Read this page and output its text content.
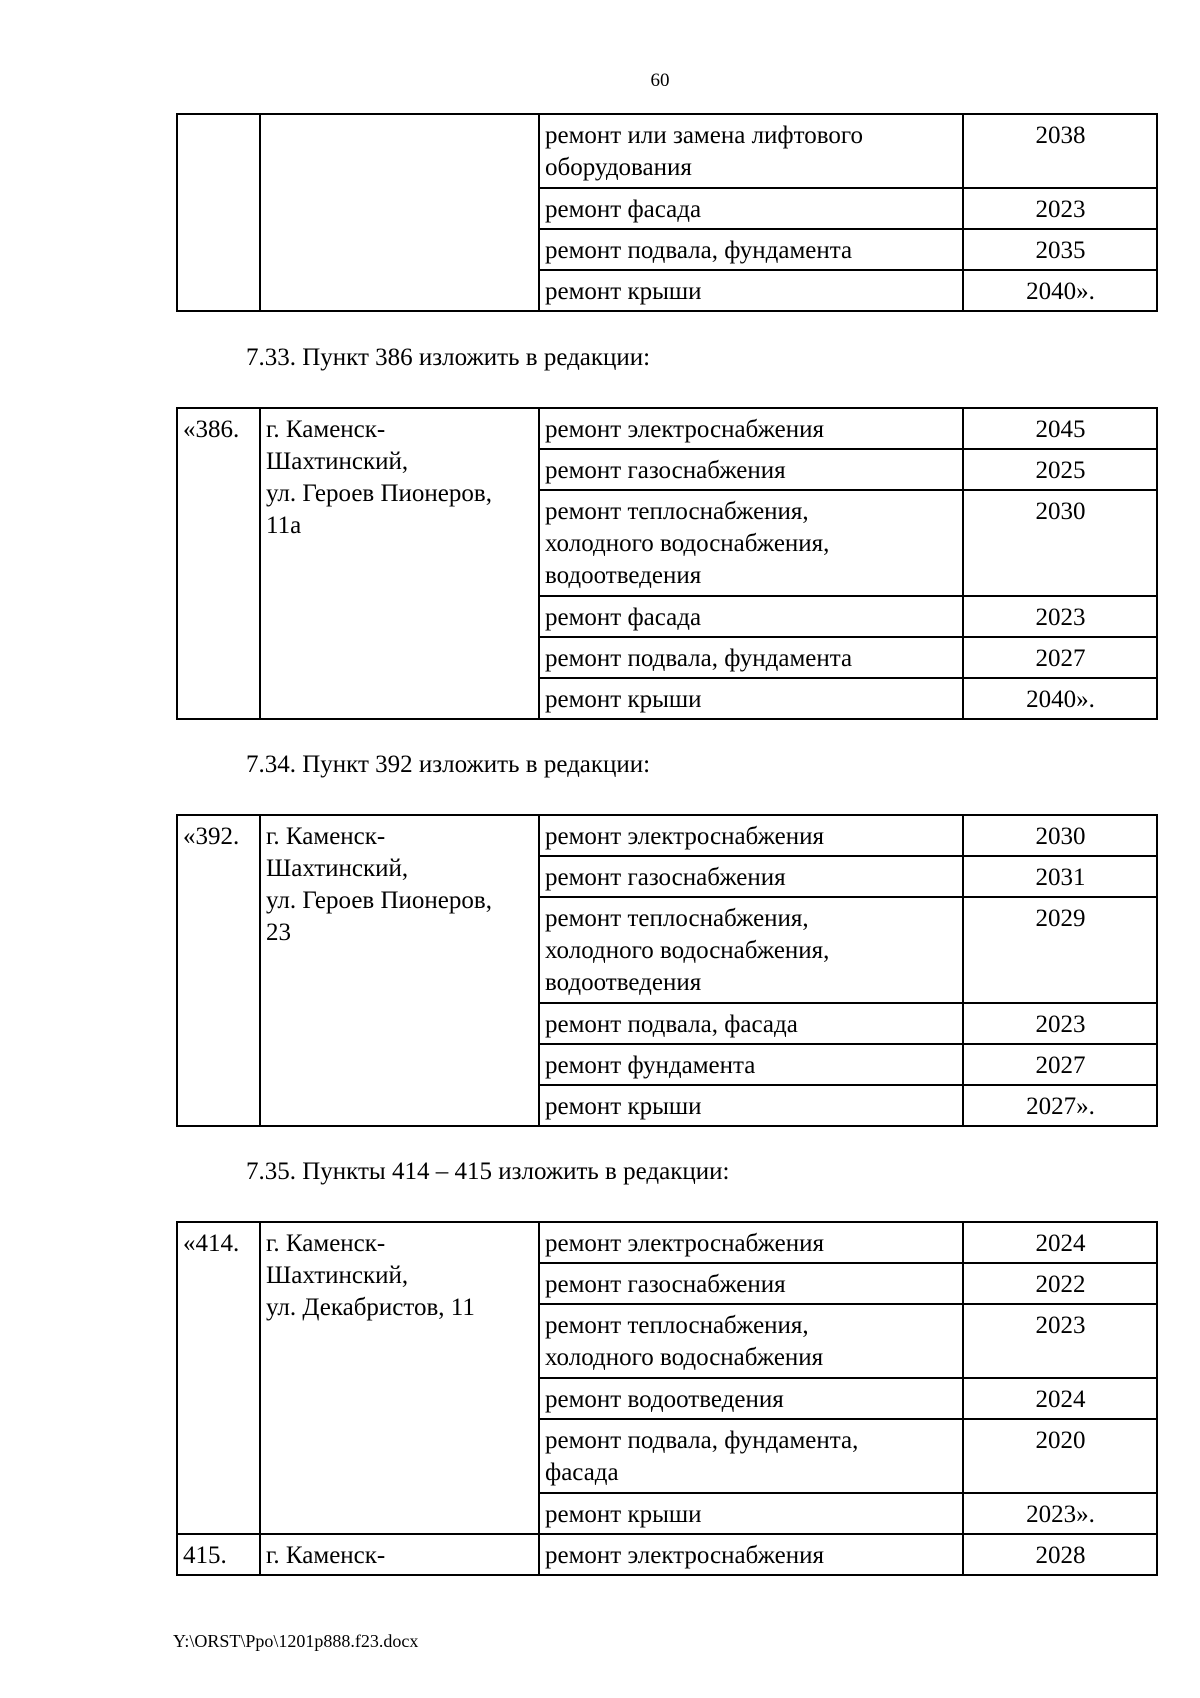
60
		ремонт или замена лифтового
оборудования	2038
		ремонт фасада	2023
		ремонт подвала, фундамента	2035
		ремонт крыши	2040».
7.33. Пункт 386 изложить в редакции:
«386.	г. Каменск-
Шахтинский,
ул. Героев Пионеров,
11а	ремонт электроснабжения	2045
		ремонт газоснабжения	2025
		ремонт теплоснабжения,
холодного водоснабжения,
водоотведения	2030
		ремонт фасада	2023
		ремонт подвала, фундамента	2027
		ремонт крыши	2040».
7.34. Пункт 392 изложить в редакции:
«392.	г. Каменск-
Шахтинский,
ул. Героев Пионеров,
23	ремонт электроснабжения	2030
		ремонт газоснабжения	2031
		ремонт теплоснабжения,
холодного водоснабжения,
водоотведения	2029
		ремонт подвала, фасада	2023
		ремонт фундамента	2027
		ремонт крыши	2027».
7.35. Пункты 414 – 415 изложить в редакции:
«414.	г. Каменск-
Шахтинский,
ул. Декабристов, 11	ремонт электроснабжения	2024
		ремонт газоснабжения	2022
		ремонт теплоснабжения,
холодного водоснабжения	2023
		ремонт водоотведения	2024
		ремонт подвала, фундамента,
фасада	2020
		ремонт крыши	2023».
415.	г. Каменск-	ремонт электроснабжения	2028
Y:\ORST\Ppo\1201p888.f23.docx
